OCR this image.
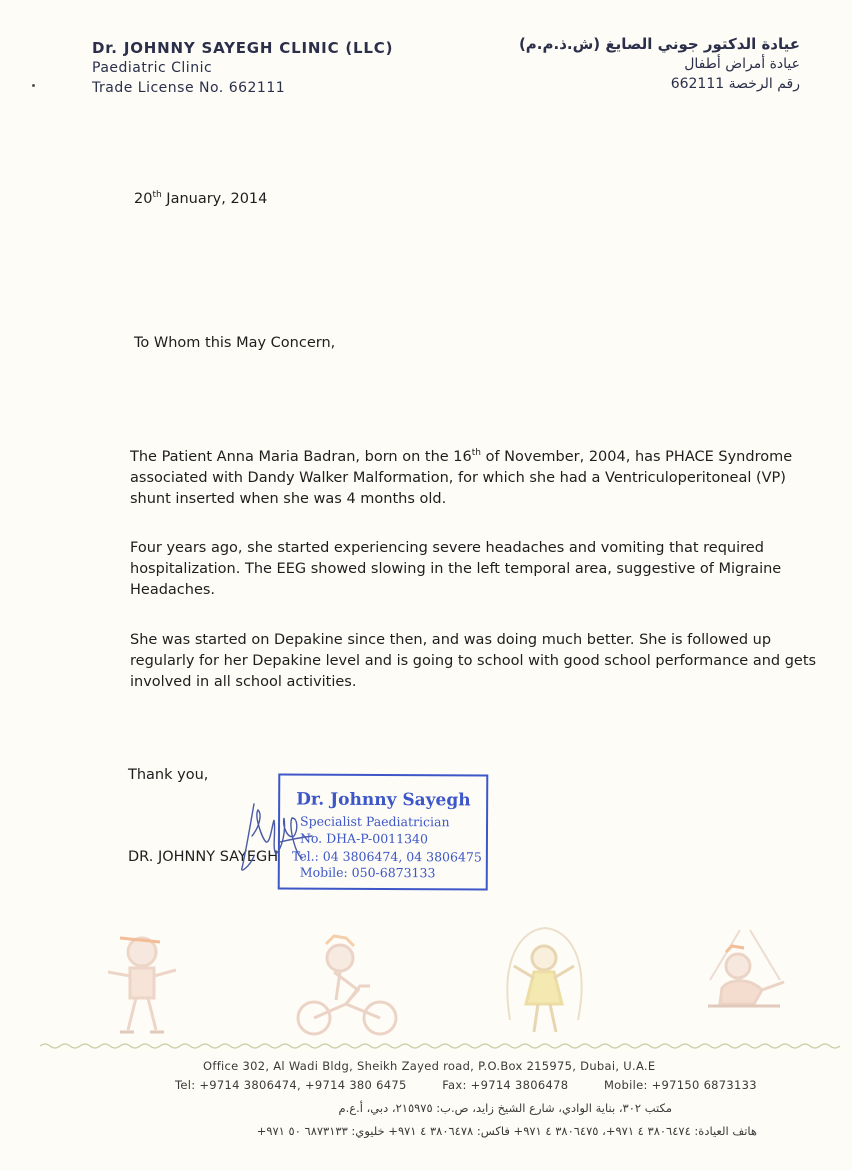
Dr. JOHNNY SAYEGH CLINIC (LLC)
Paediatric Clinic
Trade License No. 662111
عيادة الدكتور جوني الصايغ (ش.ذ.م.م)
عيادة أمراض أطفال
رقم الرخصة 662111
20th January, 2014
To Whom this May Concern,
The Patient Anna Maria Badran, born on the 16th of November, 2004, has PHACE Syndrome associated with Dandy Walker Malformation, for which she had a Ventriculoperitoneal (VP) shunt inserted when she was 4 months old.
Four years ago, she started experiencing severe headaches and vomiting that required hospitalization. The EEG showed slowing in the left temporal area, suggestive of Migraine Headaches.
She was started on Depakine since then, and was doing much better. She is followed up regularly for her Depakine level and is going to school with good school performance and gets involved in all school activities.
Thank you,
Dr. Johnny Sayegh
Specialist Paediatrician
No. DHA-P-0011340
Tel.: 04 3806474, 04 3806475
Mobile: 050-6873133
DR. JOHNNY SAYEGH
Office 302, Al Wadi Bldg, Sheikh Zayed road, P.O.Box 215975, Dubai, U.A.E
Tel: +9714 3806474, +9714 380 6475	Fax: +9714 3806478	Mobile: +97150 6873133
مكتب ٣٠٢، بناية الوادي، شارع الشيخ زايد، ص.ب: ٢١٥٩٧٥، دبي، أ.ع.م
هاتف العيادة: ٣٨٠٦٤٧٤ ٤ ٩٧١+، ٣٨٠٦٤٧٥ ٤ ٩٧١+ فاكس: ٣٨٠٦٤٧٨ ٤ ٩٧١+ خليوي: ٦٨٧٣١٣٣ ٥٠ ٩٧١+
